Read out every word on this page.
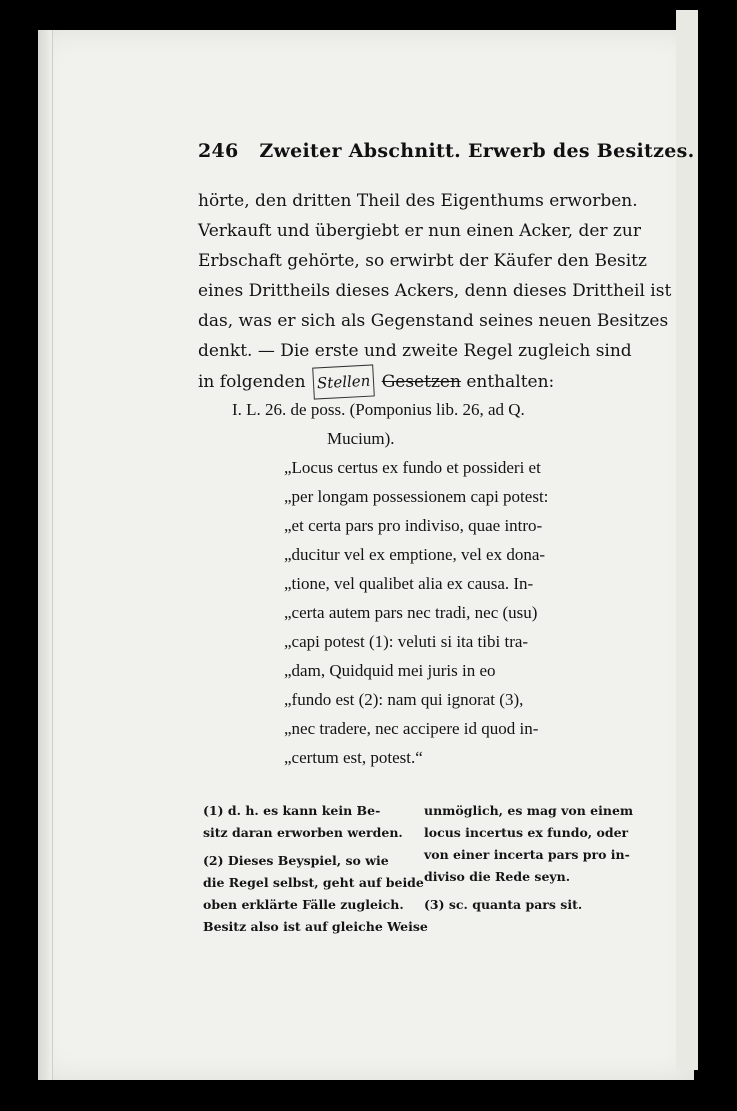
246 Zweiter Abschnitt. Erwerb des Besitzes.
hörte, den dritten Theil des Eigenthums erworben.
Verkauft und übergiebt er nun einen Acker, der zur
Erbschaft gehörte, so erwirbt der Käufer den Besitz
eines Drittheils dieses Ackers, denn dieses Drittheil ist
das, was er sich als Gegenstand seines neuen Besitzes
denkt. — Die erste und zweite Regel zugleich sind
in folgenden Stellen Gesetzen enthalten:
I. L. 26. de poss. (Pomponius lib. 26, ad Q.
Mucium).
„Locus certus ex fundo et possideri et
„per longam possessionem capi potest:
„et certa pars pro indiviso, quae intro-
„ducitur vel ex emptione, vel ex dona-
„tione, vel qualibet alia ex causa. In-
„certa autem pars nec tradi, nec (usu)
„capi potest (1): veluti si ita tibi tra-
„dam, Quidquid mei juris in eo
„fundo est (2): nam qui ignorat (3),
„nec tradere, nec accipere id quod in-
„certum est, potest.“
(1) d. h. es kann kein Be-
sitz daran erworben werden.
(2) Dieses Beyspiel, so wie
die Regel selbst, geht auf beide
oben erklärte Fälle zugleich.
Besitz also ist auf gleiche Weise
unmöglich, es mag von einem
locus incertus ex fundo, oder
von einer incerta pars pro in-
diviso die Rede seyn.
(3) sc. quanta pars sit.
